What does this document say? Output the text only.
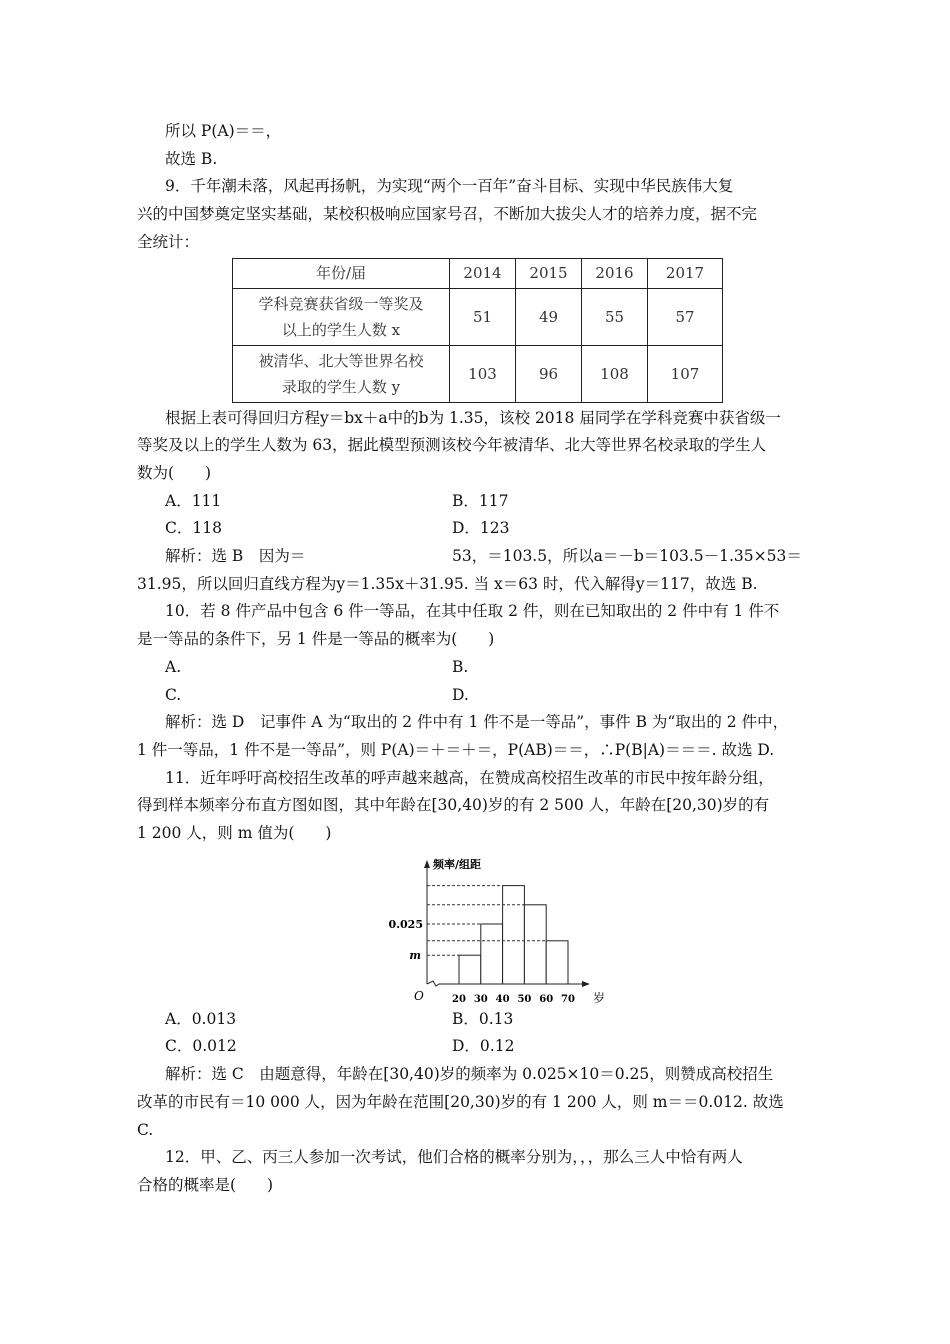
所以 P(A)＝＝，
故选 B.
9．千年潮未落，风起再扬帆，为实现“两个一百年”奋斗目标、实现中华民族伟大复
兴的中国梦奠定坚实基础，某校积极响应国家号召，不断加大拔尖人才的培养力度，据不完
全统计：
年份/届	2014	2015	2016	2017
学科竞赛获省级一等奖及
以上的学生人数 x	51	49	55	57
被清华、北大等世界名校
录取的学生人数 y	103	96	108	107
根据上表可得回归方程y＝bx＋a中的b为 1.35，该校 2018 届同学在学科竞赛中获省级一
等奖及以上的学生人数为 63，据此模型预测该校今年被清华、北大等世界名校录取的学生人
数为(　　)
A．111	B．117
C．118	D．123
解析：选 B　因为＝	53，＝103.5，所以a＝－b＝103.5－1.35×53＝
31.95，所以回归直线方程为y＝1.35x＋31.95. 当 x＝63 时，代入解得y＝117，故选 B.
10．若 8 件产品中包含 6 件一等品，在其中任取 2 件，则在已知取出的 2 件中有 1 件不
是一等品的条件下，另 1 件是一等品的概率为(　　)
A.	B.
C.	D.
解析：选 D　记事件 A 为“取出的 2 件中有 1 件不是一等品”，事件 B 为“取出的 2 件中，
1 件一等品，1 件不是一等品”，则 P(A)＝＋＝＋＝，P(AB)＝＝，∴P(B|A)＝＝＝. 故选 D.
11．近年呼吁高校招生改革的呼声越来越高，在赞成高校招生改革的市民中按年龄分组，
得到样本频率分布直方图如图，其中年龄在[30,40)岁的有 2 500 人，年龄在[20,30)岁的有
1 200 人，则 m 值为(　　)
频率/组距
岁
O	20 30 40 50 60 70
m
0.025
A．0.013	B．0.13
C．0.012	D．0.12
解析：选 C　由题意得，年龄在[30,40)岁的频率为 0.025×10＝0.25，则赞成高校招生
改革的市民有＝10 000 人，因为年龄在范围[20,30)岁的有 1 200 人，则 m＝＝0.012. 故选
C.
12．甲、乙、丙三人参加一次考试，他们合格的概率分别为，，，那么三人中恰有两人
合格的概率是(　　)
